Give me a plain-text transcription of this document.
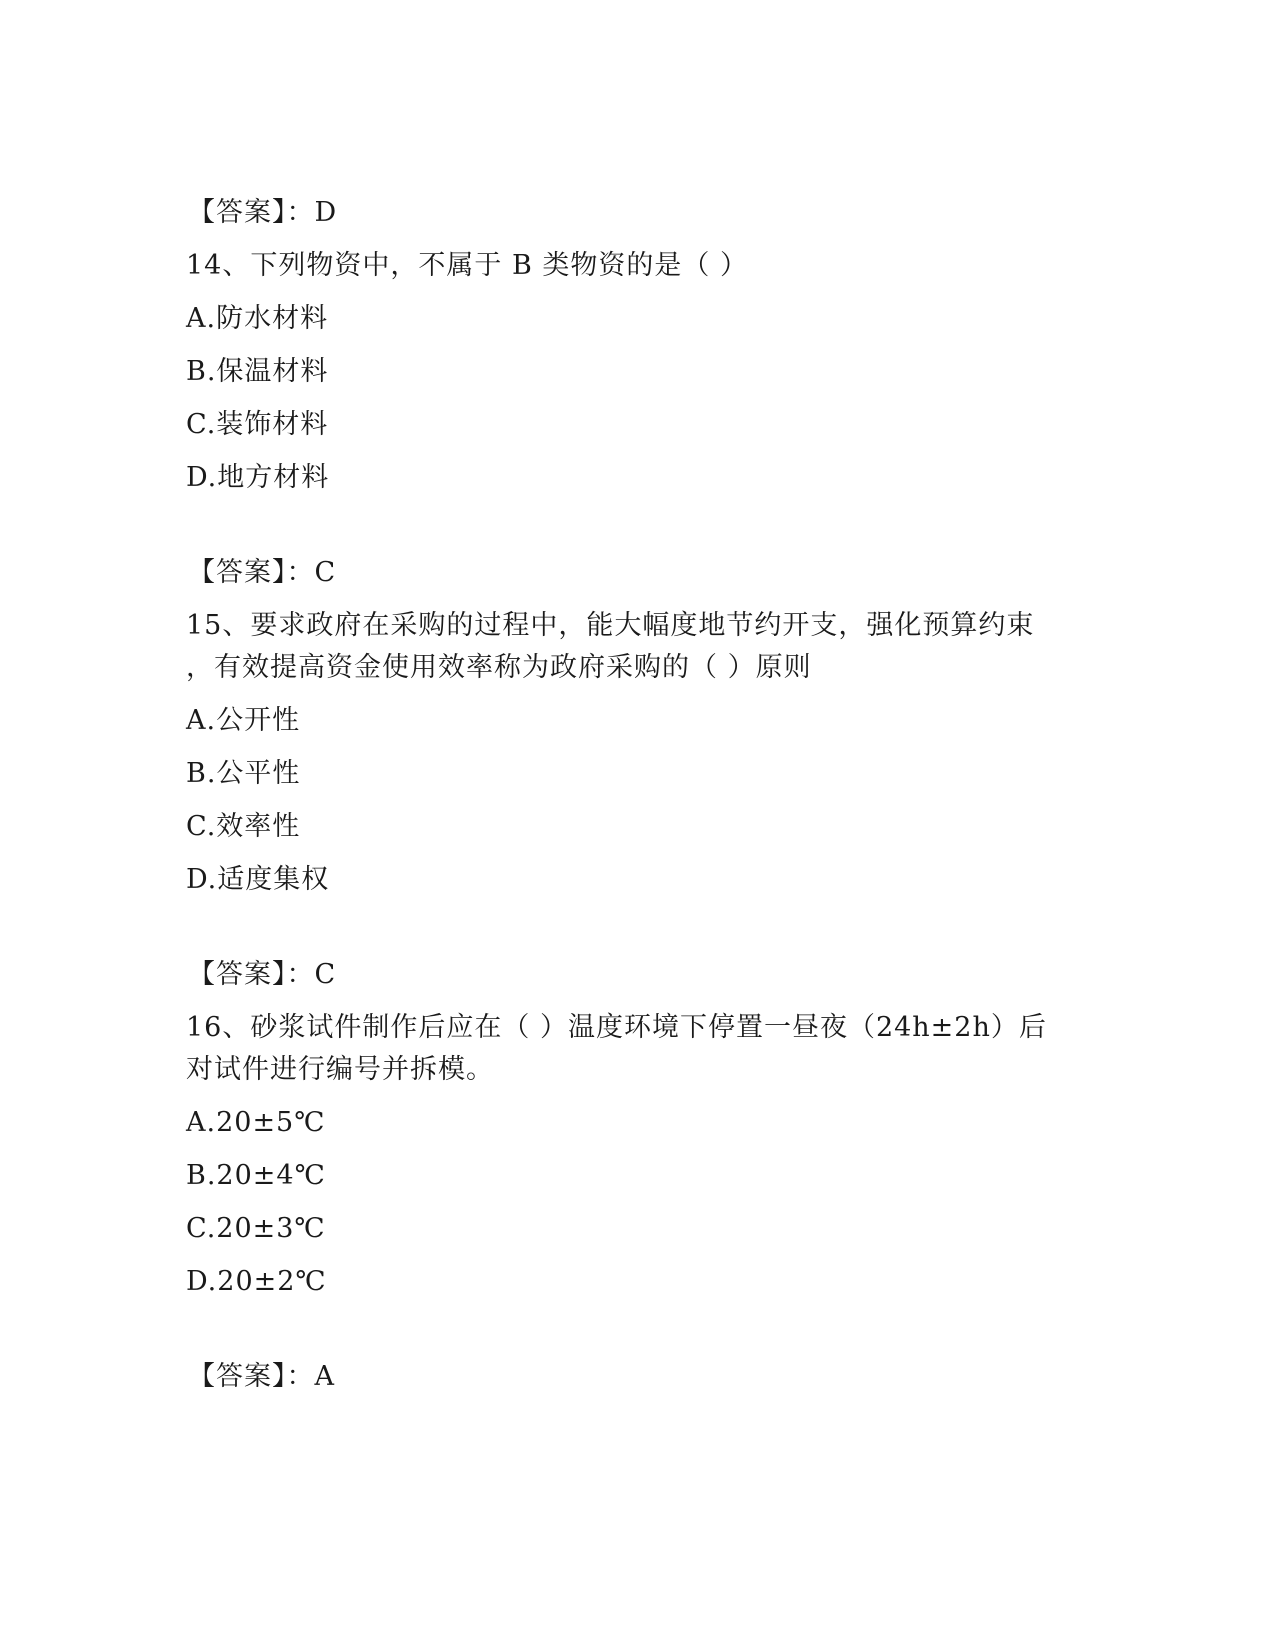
【答案】：D
14、下列物资中，不属于 B 类物资的是（ ）
A.防水材料
B.保温材料
C.装饰材料
D.地方材料
【答案】：C
15、要求政府在采购的过程中，能大幅度地节约开支，强化预算约束
，有效提高资金使用效率称为政府采购的（ ）原则
A.公开性
B.公平性
C.效率性
D.适度集权
【答案】：C
16、砂浆试件制作后应在（ ）温度环境下停置一昼夜（24h±2h）后
对试件进行编号并拆模。
A.20±5℃
B.20±4℃
C.20±3℃
D.20±2℃
【答案】：A
